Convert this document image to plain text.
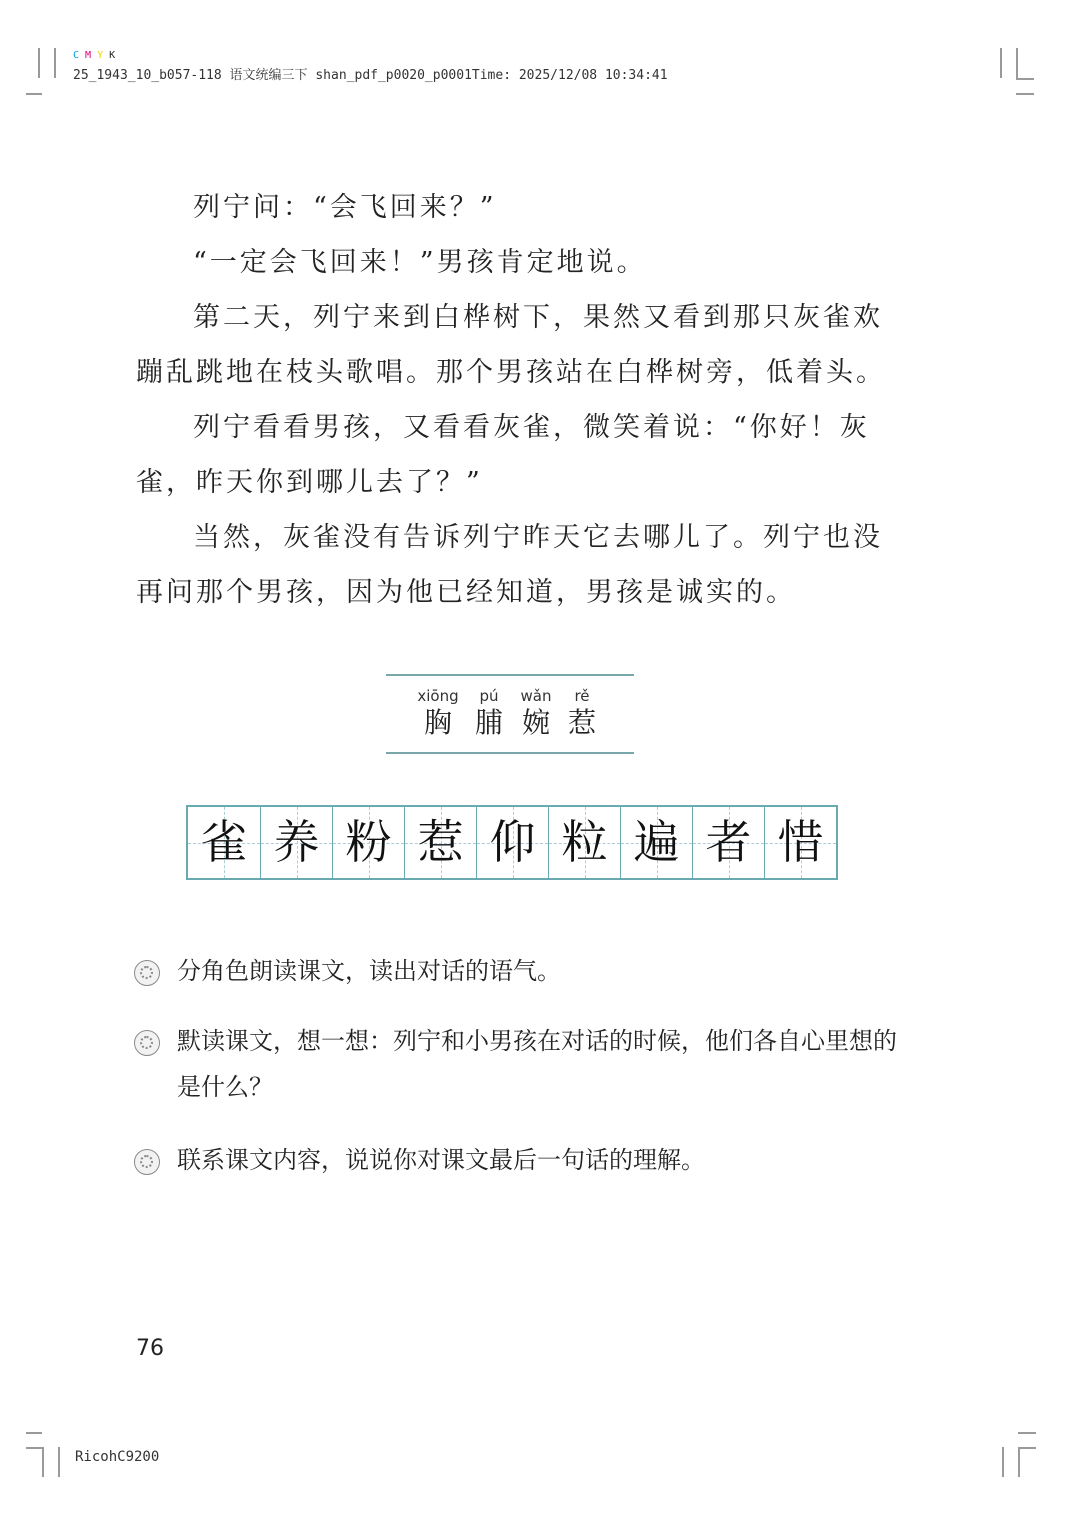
C M Y K
25_1943_10_b057-118 语文统编三下 shan_pdf_p0020_p0001Time: 2025/12/08 10:34:41
列宁问：“会飞回来？”
“一定会飞回来！”男孩肯定地说。
第二天，列宁来到白桦树下，果然又看到那只灰雀欢蹦乱跳地在枝头歌唱。那个男孩站在白桦树旁，低着头。
列宁看看男孩，又看看灰雀，微笑着说：“你好！灰雀，昨天你到哪儿去了？”
当然，灰雀没有告诉列宁昨天它去哪儿了。列宁也没再问那个男孩，因为他已经知道，男孩是诚实的。
xiōng
胸
pú
脯
wǎn
婉
rě
惹
雀 养 粉 惹 仰 粒 遍 者 惜
分角色朗读课文，读出对话的语气。
默读课文，想一想：列宁和小男孩在对话的时候，他们各自心里想的是什么？
联系课文内容，说说你对课文最后一句话的理解。
76
RicohC9200
